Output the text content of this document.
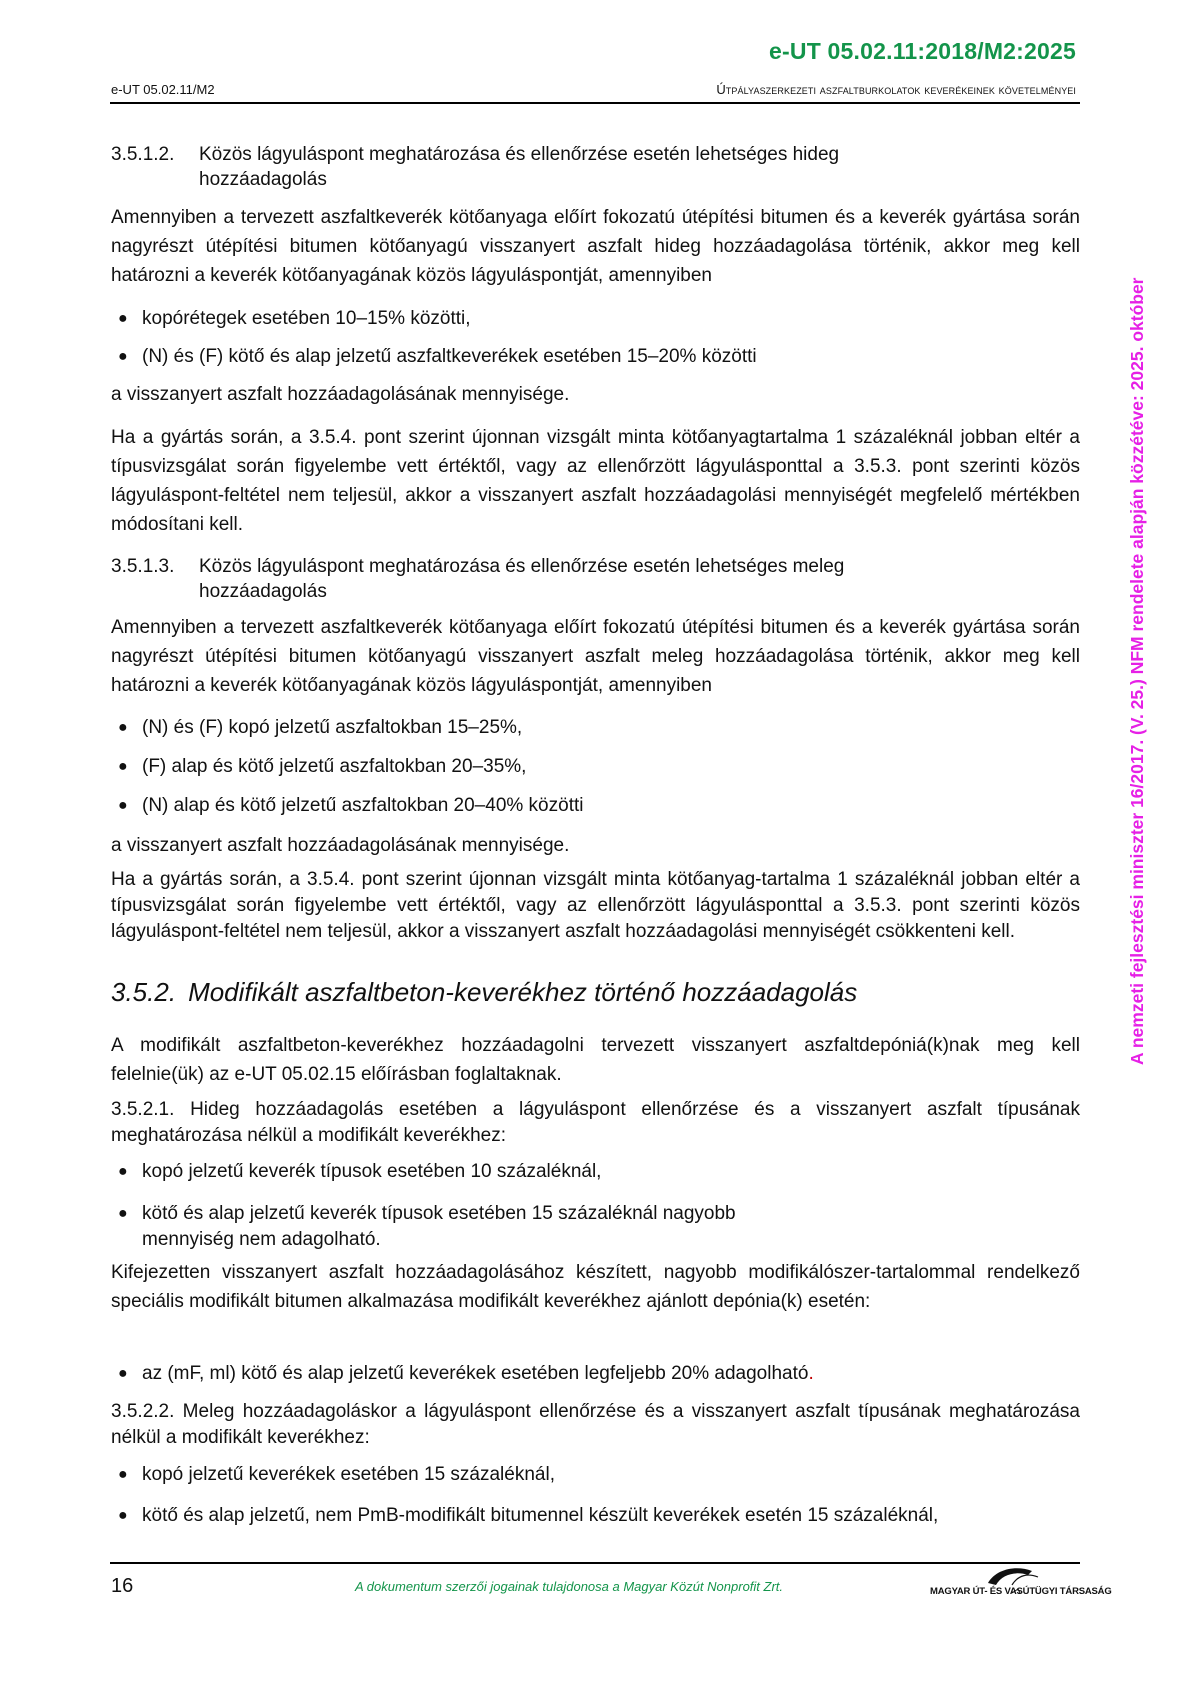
e-UT 05.02.11:2018/M2:2025
e-UT 05.02.11/M2	Útpályaszerkezeti aszfaltburkolatok keverékeinek követelményei
A nemzeti fejlesztési miniszter 16/2017. (V. 25.) NFM rendelete alapján közzétéve: 2025. október
3.5.1.2. Közös lágyuláspont meghatározása és ellenőrzése esetén lehetséges hideg
hozzáadagolás
Amennyiben a tervezett aszfaltkeverék kötőanyaga előírt fokozatú útépítési bitumen és a keverék gyártása során nagyrészt útépítési bitumen kötőanyagú visszanyert aszfalt hideg hozzáadagolása történik, akkor meg kell határozni a keverék kötőanyagának közös lágyuláspontját, amennyiben
● kopórétegek esetében 10–15% közötti,
● (N) és (F) kötő és alap jelzetű aszfaltkeverékek esetében 15–20% közötti
a visszanyert aszfalt hozzáadagolásának mennyisége.
Ha a gyártás során, a 3.5.4. pont szerint újonnan vizsgált minta kötőanyagtartalma 1 százaléknál jobban eltér a típusvizsgálat során figyelembe vett értéktől, vagy az ellenőrzött lágyulásponttal a 3.5.3. pont szerinti közös lágyuláspont-feltétel nem teljesül, akkor a visszanyert aszfalt hozzáadagolási mennyiségét megfelelő mértékben módosítani kell.
3.5.1.3. Közös lágyuláspont meghatározása és ellenőrzése esetén lehetséges meleg
hozzáadagolás
Amennyiben a tervezett aszfaltkeverék kötőanyaga előírt fokozatú útépítési bitumen és a keverék gyártása során nagyrészt útépítési bitumen kötőanyagú visszanyert aszfalt meleg hozzáadagolása történik, akkor meg kell határozni a keverék kötőanyagának közös lágyuláspontját, amennyiben
● (N) és (F) kopó jelzetű aszfaltokban 15–25%,
● (F) alap és kötő jelzetű aszfaltokban 20–35%,
● (N) alap és kötő jelzetű aszfaltokban 20–40% közötti
a visszanyert aszfalt hozzáadagolásának mennyisége.
Ha a gyártás során, a 3.5.4. pont szerint újonnan vizsgált minta kötőanyag-tartalma 1 százaléknál jobban eltér a típusvizsgálat során figyelembe vett értéktől, vagy az ellenőrzött lágyulásponttal a 3.5.3. pont szerinti közös lágyuláspont-feltétel nem teljesül, akkor a visszanyert aszfalt hozzáadagolási mennyiségét csökkenteni kell.
3.5.2. Modifikált aszfaltbeton-keverékhez történő hozzáadagolás
A modifikált aszfaltbeton-keverékhez hozzáadagolni tervezett visszanyert aszfaltdepóniá(k)nak meg kell felelnie(ük) az e-UT 05.02.15 előírásban foglaltaknak.
3.5.2.1. Hideg hozzáadagolás esetében a lágyuláspont ellenőrzése és a visszanyert aszfalt típusának meghatározása nélkül a modifikált keverékhez:
● kopó jelzetű keverék típusok esetében 10 százaléknál,
● kötő és alap jelzetű keverék típusok esetében 15 százaléknál nagyobb
mennyiség nem adagolható.
Kifejezetten visszanyert aszfalt hozzáadagolásához készített, nagyobb modifikálószer-tartalommal rendelkező speciális modifikált bitumen alkalmazása modifikált keverékhez ajánlott depónia(k) esetén:
● az (mF, ml) kötő és alap jelzetű keverékek esetében legfeljebb 20% adagolható.
3.5.2.2. Meleg hozzáadagoláskor a lágyuláspont ellenőrzése és a visszanyert aszfalt típusának meghatározása nélkül a modifikált keverékhez:
● kopó jelzetű keverékek esetében 15 százaléknál,
● kötő és alap jelzetű, nem PmB-modifikált bitumennel készült keverékek esetén 15 százaléknál,
16	A dokumentum szerzői jogainak tulajdonosa a Magyar Közút Nonprofit Zrt.	MAGYAR ÚT- ÉS VASÚTÜGYI TÁRSASÁG
